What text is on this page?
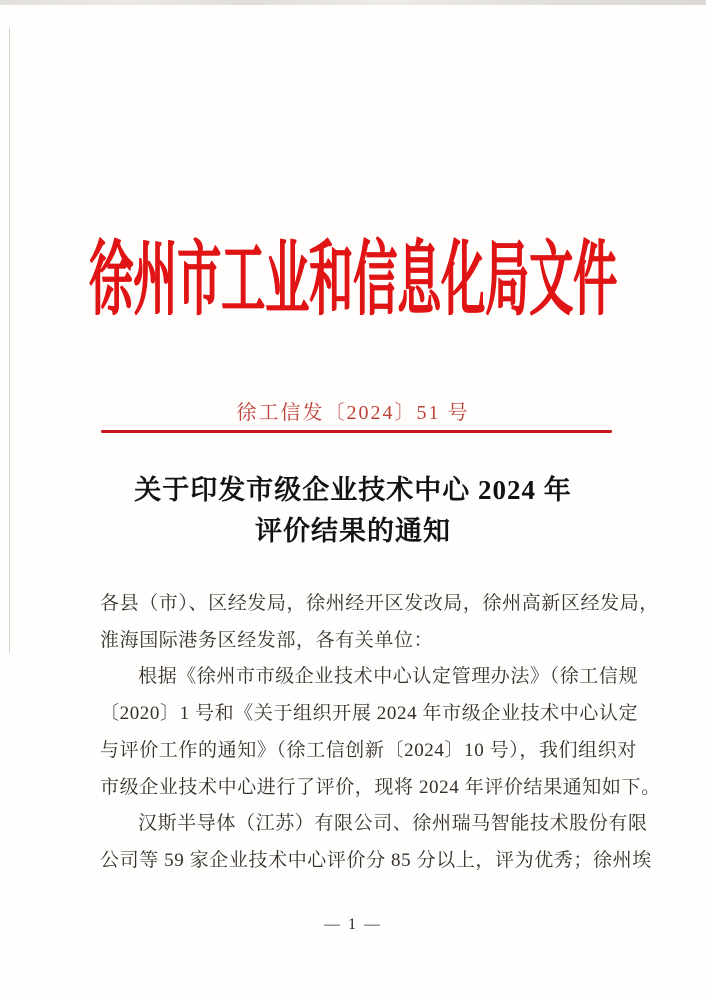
徐州市工业和信息化局文件
徐工信发〔2024〕51 号
关于印发市级企业技术中心 2024 年
评价结果的通知
各县（市）、区经发局，徐州经开区发改局，徐州高新区经发局，
淮海国际港务区经发部，各有关单位：
根据《徐州市市级企业技术中心认定管理办法》（徐工信规
〔2020〕1 号和《关于组织开展 2024 年市级企业技术中心认定
与评价工作的通知》（徐工信创新〔2024〕10 号），我们组织对
市级企业技术中心进行了评价，现将 2024 年评价结果通知如下。
汉斯半导体（江苏）有限公司、徐州瑞马智能技术股份有限
公司等 59 家企业技术中心评价分 85 分以上，评为优秀；徐州埃
— 1 —
